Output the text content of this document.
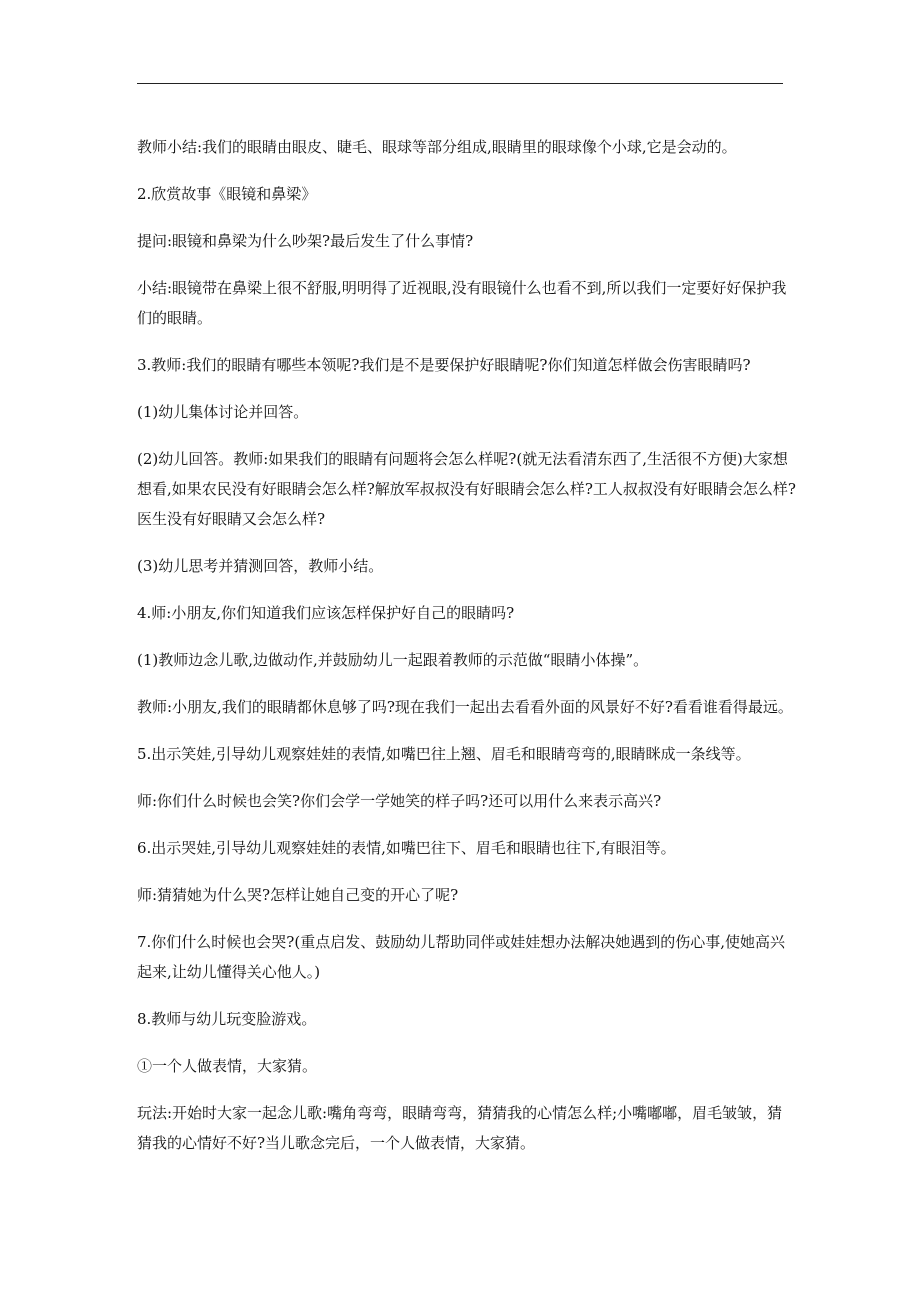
教师小结:我们的眼睛由眼皮、睫毛、眼球等部分组成,眼睛里的眼球像个小球,它是会动的。

2.欣赏故事《眼镜和鼻梁》

提问:眼镜和鼻梁为什么吵架?最后发生了什么事情?

小结:眼镜带在鼻梁上很不舒服,明明得了近视眼,没有眼镜什么也看不到,所以我们一定要好好保护我们的眼睛。

3.教师:我们的眼睛有哪些本领呢?我们是不是要保护好眼睛呢?你们知道怎样做会伤害眼睛吗?

(1)幼儿集体讨论并回答。

(2)幼儿回答。教师:如果我们的眼睛有问题将会怎么样呢?(就无法看清东西了,生活很不方便)大家想想看,如果农民没有好眼睛会怎么样?解放军叔叔没有好眼睛会怎么样?工人叔叔没有好眼睛会怎么样?医生没有好眼睛又会怎么样?

(3)幼儿思考并猜测回答，教师小结。

4.师:小朋友,你们知道我们应该怎样保护好自己的眼睛吗?

(1)教师边念儿歌,边做动作,并鼓励幼儿一起跟着教师的示范做“眼睛小体操”。

教师:小朋友,我们的眼睛都休息够了吗?现在我们一起出去看看外面的风景好不好?看看谁看得最远。

5.出示笑娃,引导幼儿观察娃娃的表情,如嘴巴往上翘、眉毛和眼睛弯弯的,眼睛眯成一条线等。

师:你们什么时候也会笑?你们会学一学她笑的样子吗?还可以用什么来表示高兴?

6.出示哭娃,引导幼儿观察娃娃的表情,如嘴巴往下、眉毛和眼睛也往下,有眼泪等。

师:猜猜她为什么哭?怎样让她自己变的开心了呢?

7.你们什么时候也会哭?(重点启发、鼓励幼儿帮助同伴或娃娃想办法解决她遇到的伤心事,使她高兴起来,让幼儿懂得关心他人。)

8.教师与幼儿玩变脸游戏。

①一个人做表情，大家猜。

玩法:开始时大家一起念儿歌:嘴角弯弯，眼睛弯弯，猜猜我的心情怎么样;小嘴嘟嘟，眉毛皱皱，猜猜我的心情好不好?当儿歌念完后，一个人做表情，大家猜。
